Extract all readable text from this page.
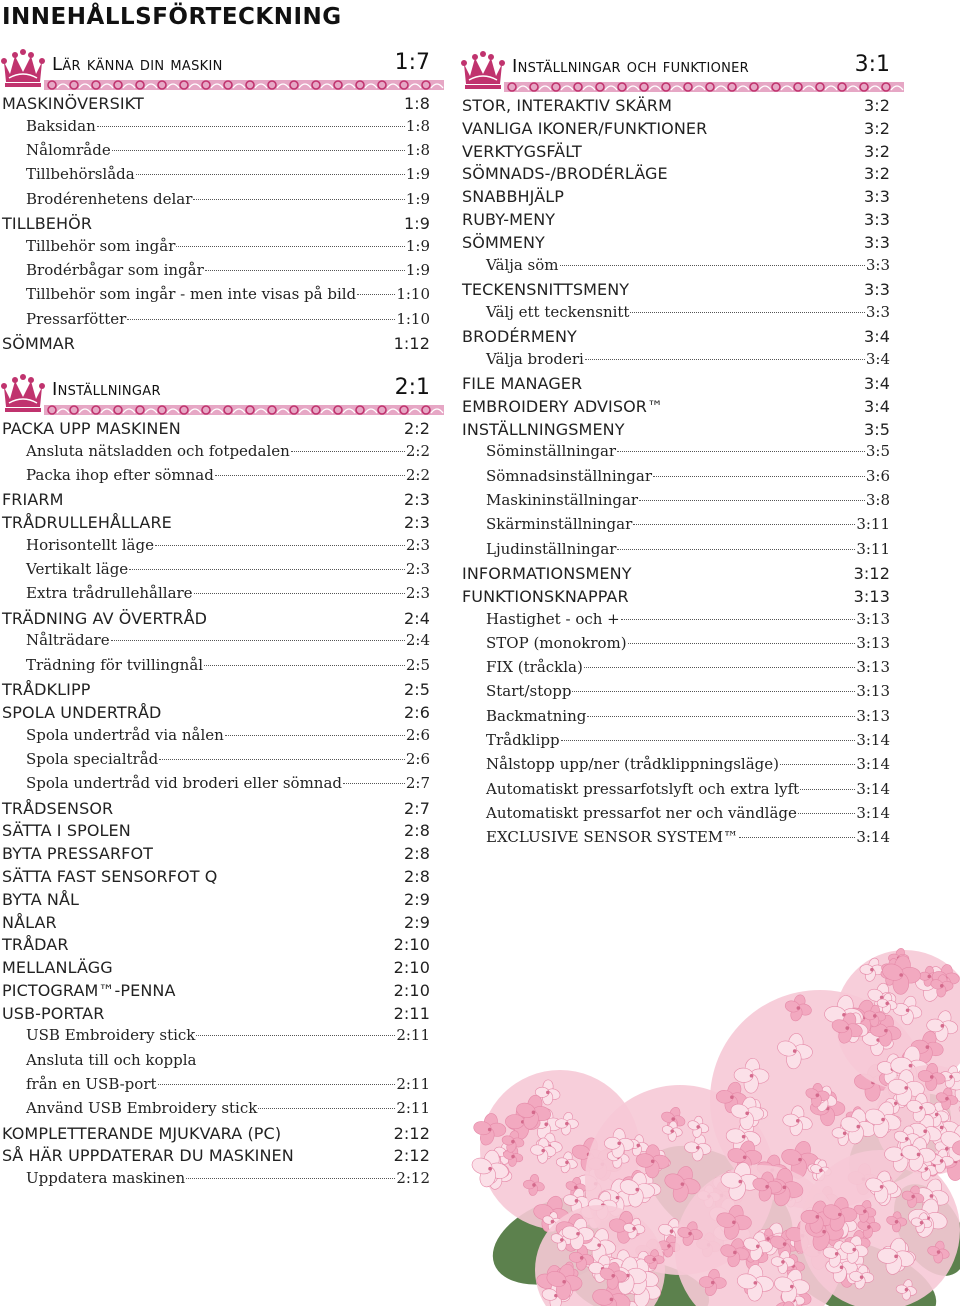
INNEHÅLLSFÖRTECKNING
Lär känna din maskin	1:7
MASKINÖVERSIKT	1:8
Baksidan	1:8
Nålområde	1:8
Tillbehörslåda	1:9
Brodérenhetens delar	1:9
TILLBEHÖR	1:9
Tillbehör som ingår	1:9
Brodérbågar som ingår	1:9
Tillbehör som ingår - men inte visas på bild	1:10
Pressarfötter	1:10
SÖMMAR	1:12
Inställningar	2:1
PACKA UPP MASKINEN	2:2
Ansluta nätsladden och fotpedalen	2:2
Packa ihop efter sömnad	2:2
FRIARM	2:3
TRÅDRULLEHÅLLARE	2:3
Horisontellt läge	2:3
Vertikalt läge	2:3
Extra trådrullehållare	2:3
TRÄDNING AV ÖVERTRÅD	2:4
Nålträdare	2:4
Trädning för tvillingnål	2:5
TRÅDKLIPP	2:5
SPOLA UNDERTRÅD	2:6
Spola undertråd via nålen	2:6
Spola specialtråd	2:6
Spola undertråd vid broderi eller sömnad	2:7
TRÅDSENSOR	2:7
SÄTTA I SPOLEN	2:8
BYTA PRESSARFOT	2:8
SÄTTA FAST SENSORFOT Q	2:8
BYTA NÅL	2:9
NÅLAR	2:9
TRÅDAR	2:10
MELLANLÄGG	2:10
PICTOGRAM™-PENNA	2:10
USB-PORTAR	2:11
USB Embroidery stick	2:11
Ansluta till och koppla
från en USB-port	2:11
Använd USB Embroidery stick	2:11
KOMPLETTERANDE MJUKVARA (PC)	2:12
SÅ HÄR UPPDATERAR DU MASKINEN	2:12
Uppdatera maskinen	2:12
Inställningar och funktioner	3:1
STOR, INTERAKTIV SKÄRM	3:2
VANLIGA IKONER/FUNKTIONER	3:2
VERKTYGSFÄLT	3:2
SÖMNADS-/BRODÉRLÄGE	3:2
SNABBHJÄLP	3:3
RUBY-MENY	3:3
SÖMMENY	3:3
Välja söm	3:3
TECKENSNITTSMENY	3:3
Välj ett teckensnitt	3:3
BRODÉRMENY	3:4
Välja broderi	3:4
FILE MANAGER	3:4
EMBROIDERY ADVISOR™	3:4
INSTÄLLNINGSMENY	3:5
Söminställningar	3:5
Sömnadsinställningar	3:6
Maskininställningar	3:8
Skärminställningar	3:11
Ljudinställningar	3:11
INFORMATIONSMENY	3:12
FUNKTIONSKNAPPAR	3:13
Hastighet - och +	3:13
STOP (monokrom)	3:13
FIX (tråckla)	3:13
Start/stopp	3:13
Backmatning	3:13
Trådklipp	3:14
Nålstopp upp/ner (trådklippningsläge)	3:14
Automatiskt pressarfotslyft och extra lyft	3:14
Automatiskt pressarfot ner och vändläge	3:14
EXCLUSIVE SENSOR SYSTEM™	3:14
